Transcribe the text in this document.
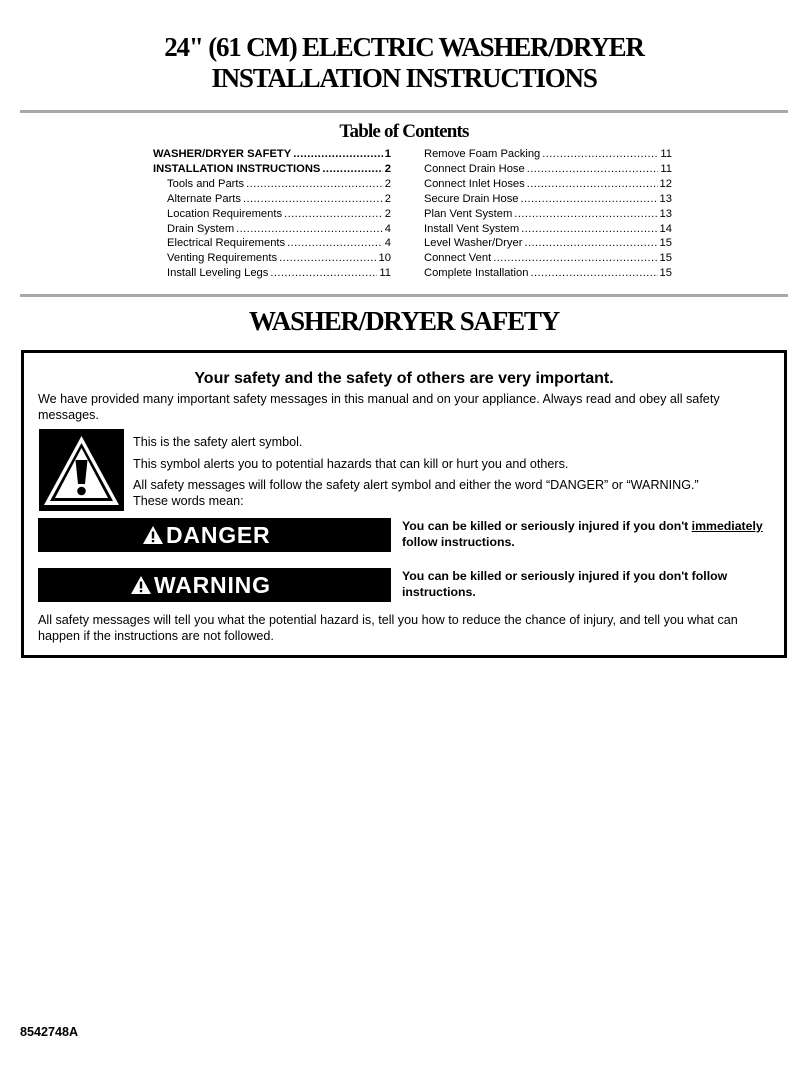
24" (61 CM) ELECTRIC WASHER/DRYER
INSTALLATION INSTRUCTIONS
Table of Contents
WASHER/DRYER SAFETY .....	1
INSTALLATION INSTRUCTIONS .....	2
Tools and Parts .....	2
Alternate Parts .....	2
Location Requirements .....	2
Drain System .....	4
Electrical Requirements .....	4
Venting Requirements .....	10
Install Leveling Legs .....	11
Remove Foam Packing .....	11
Connect Drain Hose .....	11
Connect Inlet Hoses .....	12
Secure Drain Hose .....	13
Plan Vent System .....	13
Install Vent System .....	14
Level Washer/Dryer .....	15
Connect Vent .....	15
Complete Installation .....	15
WASHER/DRYER SAFETY
Your safety and the safety of others are very important.
We have provided many important safety messages in this manual and on your appliance. Always read and obey all safety messages.
This is the safety alert symbol.
This symbol alerts you to potential hazards that can kill or hurt you and others.
All safety messages will follow the safety alert symbol and either the word “DANGER” or “WARNING.”
These words mean:
DANGER	You can be killed or seriously injured if you don't immediately follow instructions.
WARNING	You can be killed or seriously injured if you don't follow instructions.
All safety messages will tell you what the potential hazard is, tell you how to reduce the chance of injury, and tell you what can happen if the instructions are not followed.
8542748A
